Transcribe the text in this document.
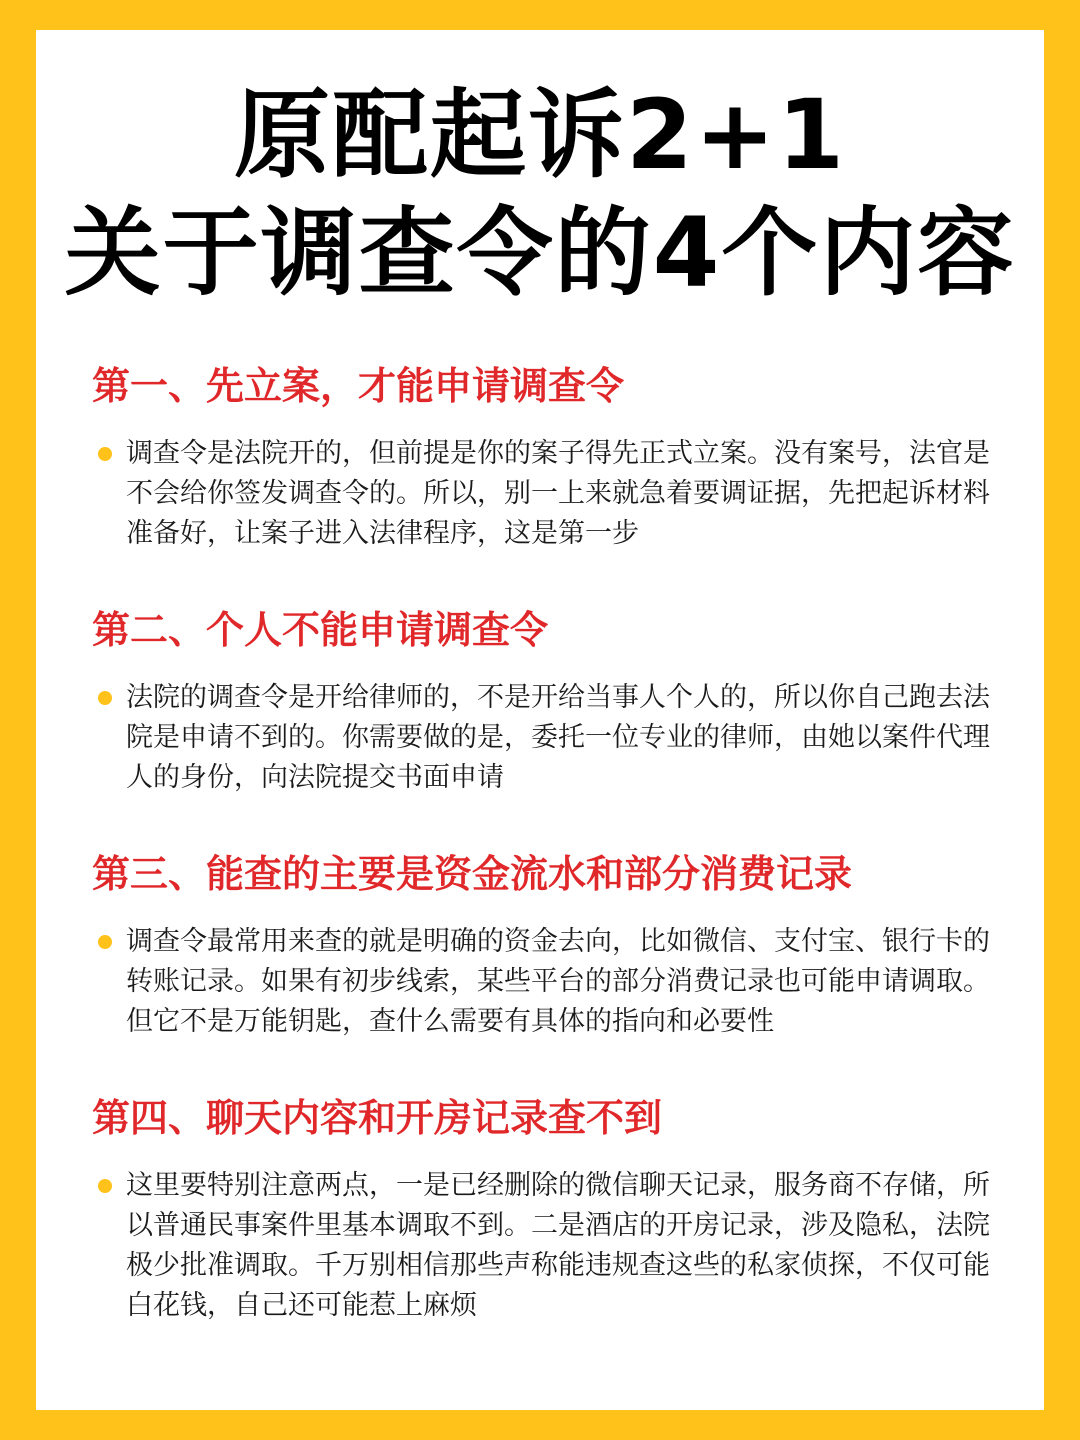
原配起诉2+1
关于调查令的4个内容
第一、先立案，才能申请调查令

调查令是法院开的，但前提是你的案子得先正式立案。没有案号，法官是不会给你签发调查令的。所以，别一上来就急着要调证据，先把起诉材料准备好，让案子进入法律程序，这是第一步

第二、个人不能申请调查令

法院的调查令是开给律师的，不是开给当事人个人的，所以你自己跑去法院是申请不到的。你需要做的是，委托一位专业的律师，由她以案件代理人的身份，向法院提交书面申请

第三、能查的主要是资金流水和部分消费记录

调查令最常用来查的就是明确的资金去向，比如微信、支付宝、银行卡的转账记录。如果有初步线索，某些平台的部分消费记录也可能申请调取。但它不是万能钥匙，查什么需要有具体的指向和必要性

第四、聊天内容和开房记录查不到

这里要特别注意两点，一是已经删除的微信聊天记录，服务商不存储，所以普通民事案件里基本调取不到。二是酒店的开房记录，涉及隐私，法院极少批准调取。千万别相信那些声称能违规查这些的私家侦探，不仅可能白花钱，自己还可能惹上麻烦
